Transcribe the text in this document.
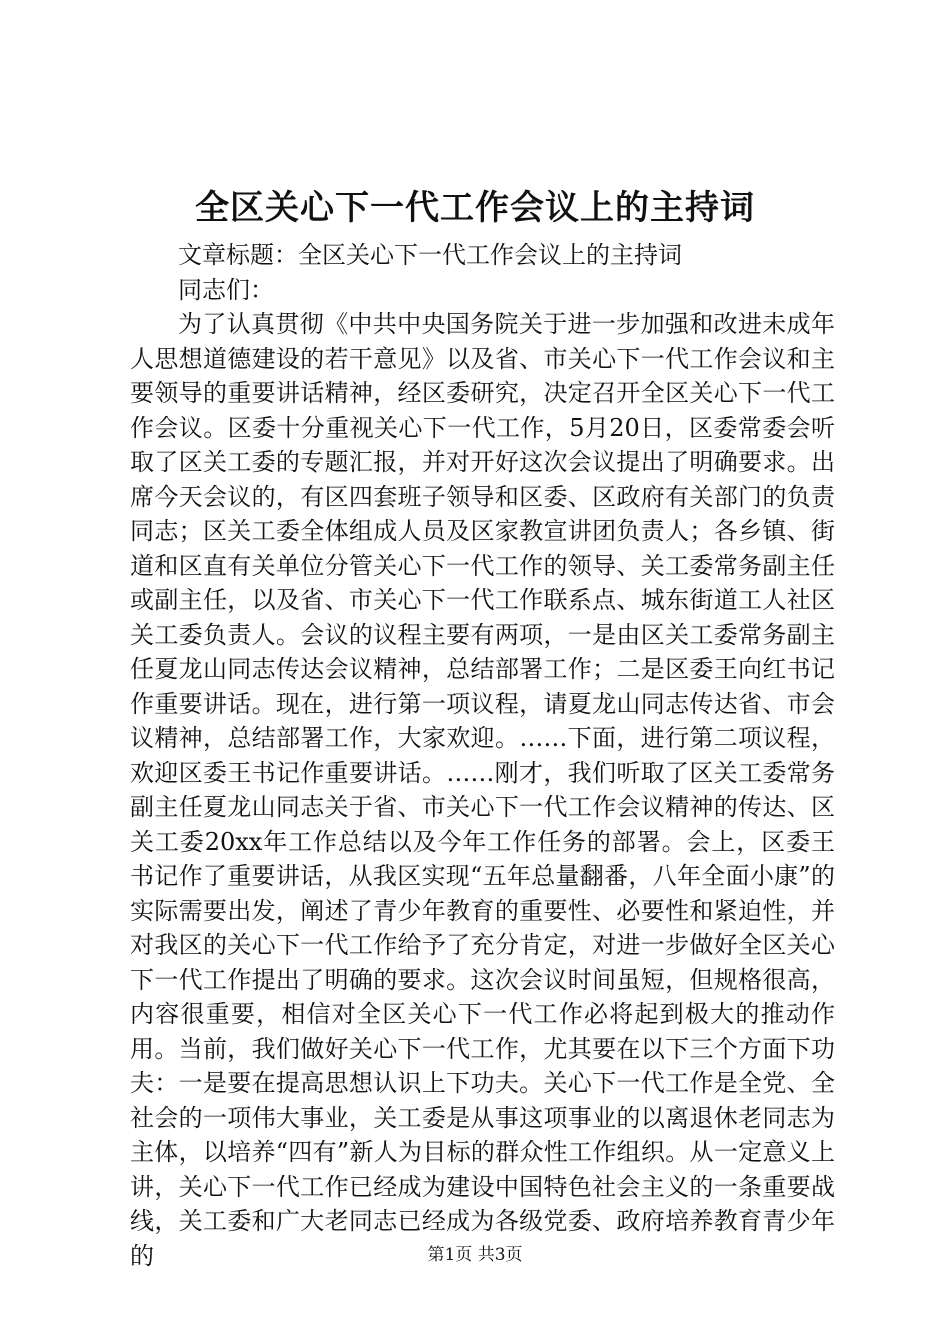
全区关心下一代工作会议上的主持词

文章标题：全区关心下一代工作会议上的主持词

同志们：

为了认真贯彻《中共中央国务院关于进一步加强和改进未成年人思想道德建设的若干意见》以及省、市关心下一代工作会议和主要领导的重要讲话精神，经区委研究，决定召开全区关心下一代工作会议。区委十分重视关心下一代工作，5月20日，区委常委会听取了区关工委的专题汇报，并对开好这次会议提出了明确要求。出席今天会议的，有区四套班子领导和区委、区政府有关部门的负责同志；区关工委全体组成人员及区家教宣讲团负责人；各乡镇、街道和区直有关单位分管关心下一代工作的领导、关工委常务副主任或副主任，以及省、市关心下一代工作联系点、城东街道工人社区关工委负责人。会议的议程主要有两项，一是由区关工委常务副主任夏龙山同志传达会议精神，总结部署工作；二是区委王向红书记作重要讲话。现在，进行第一项议程，请夏龙山同志传达省、市会议精神，总结部署工作，大家欢迎。……下面，进行第二项议程，欢迎区委王书记作重要讲话。……刚才，我们听取了区关工委常务副主任夏龙山同志关于省、市关心下一代工作会议精神的传达、区关工委20xx年工作总结以及今年工作任务的部署。会上，区委王书记作了重要讲话，从我区实现“五年总量翻番，八年全面小康”的实际需要出发，阐述了青少年教育的重要性、必要性和紧迫性，并对我区的关心下一代工作给予了充分肯定，对进一步做好全区关心下一代工作提出了明确的要求。这次会议时间虽短，但规格很高，内容很重要，相信对全区关心下一代工作必将起到极大的推动作用。当前，我们做好关心下一代工作，尤其要在以下三个方面下功夫：一是要在提高思想认识上下功夫。关心下一代工作是全党、全社会的一项伟大事业，关工委是从事这项事业的以离退休老同志为主体，以培养“四有”新人为目标的群众性工作组织。从一定意义上讲，关心下一代工作已经成为建设中国特色社会主义的一条重要战线，关工委和广大老同志已经成为各级党委、政府培养教育青少年的	第1页 共3页
